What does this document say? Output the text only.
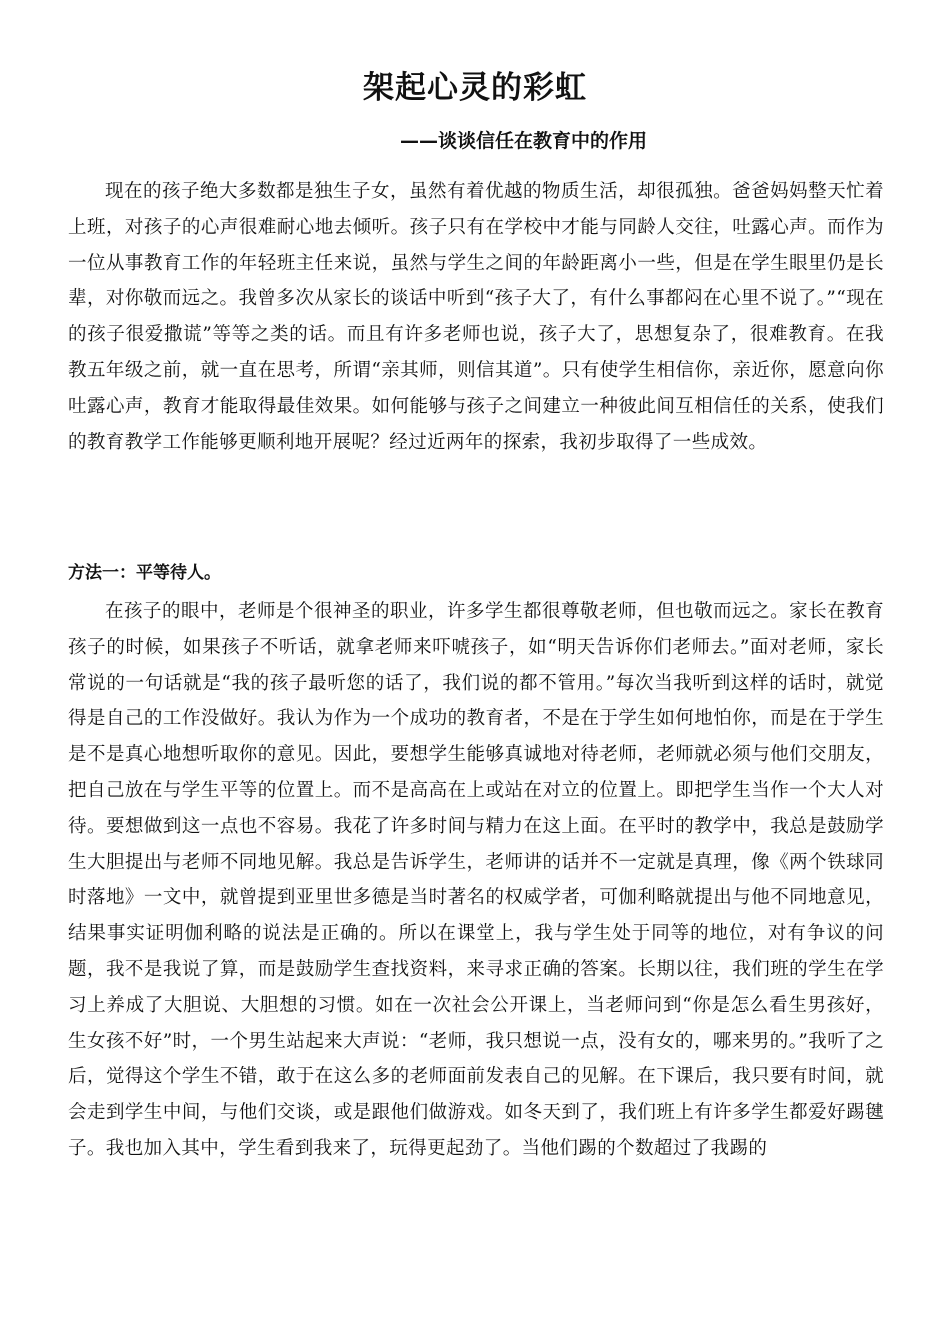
架起心灵的彩虹
——谈谈信任在教育中的作用

现在的孩子绝大多数都是独生子女，虽然有着优越的物质生活，却很孤独。爸爸妈妈整天忙着上班，对孩子的心声很难耐心地去倾听。孩子只有在学校中才能与同龄人交往，吐露心声。而作为一位从事教育工作的年轻班主任来说，虽然与学生之间的年龄距离小一些，但是在学生眼里仍是长辈，对你敬而远之。我曾多次从家长的谈话中听到“孩子大了，有什么事都闷在心里不说了。”“现在的孩子很爱撒谎”等等之类的话。而且有许多老师也说，孩子大了，思想复杂了，很难教育。在我教五年级之前，就一直在思考，所谓“亲其师，则信其道”。只有使学生相信你，亲近你，愿意向你吐露心声，教育才能取得最佳效果。如何能够与孩子之间建立一种彼此间互相信任的关系，使我们的教育教学工作能够更顺利地开展呢？经过近两年的探索，我初步取得了一些成效。

方法一：平等待人。

在孩子的眼中，老师是个很神圣的职业，许多学生都很尊敬老师，但也敬而远之。家长在教育孩子的时候，如果孩子不听话，就拿老师来吓唬孩子，如“明天告诉你们老师去。”面对老师，家长常说的一句话就是“我的孩子最听您的话了，我们说的都不管用。”每次当我听到这样的话时，就觉得是自己的工作没做好。我认为作为一个成功的教育者，不是在于学生如何地怕你，而是在于学生是不是真心地想听取你的意见。因此，要想学生能够真诚地对待老师，老师就必须与他们交朋友，把自己放在与学生平等的位置上。而不是高高在上或站在对立的位置上。即把学生当作一个大人对待。要想做到这一点也不容易。我花了许多时间与精力在这上面。在平时的教学中，我总是鼓励学生大胆提出与老师不同地见解。我总是告诉学生，老师讲的话并不一定就是真理，像《两个铁球同时落地》一文中，就曾提到亚里世多德是当时著名的权威学者，可伽利略就提出与他不同地意见，结果事实证明伽利略的说法是正确的。所以在课堂上，我与学生处于同等的地位，对有争议的问题，我不是我说了算，而是鼓励学生查找资料，来寻求正确的答案。长期以往，我们班的学生在学习上养成了大胆说、大胆想的习惯。如在一次社会公开课上，当老师问到“你是怎么看生男孩好，生女孩不好”时，一个男生站起来大声说：“老师，我只想说一点，没有女的，哪来男的。”我听了之后，觉得这个学生不错，敢于在这么多的老师面前发表自己的见解。在下课后，我只要有时间，就会走到学生中间，与他们交谈，或是跟他们做游戏。如冬天到了，我们班上有许多学生都爱好踢毽子。我也加入其中，学生看到我来了，玩得更起劲了。当他们踢的个数超过了我踢的
